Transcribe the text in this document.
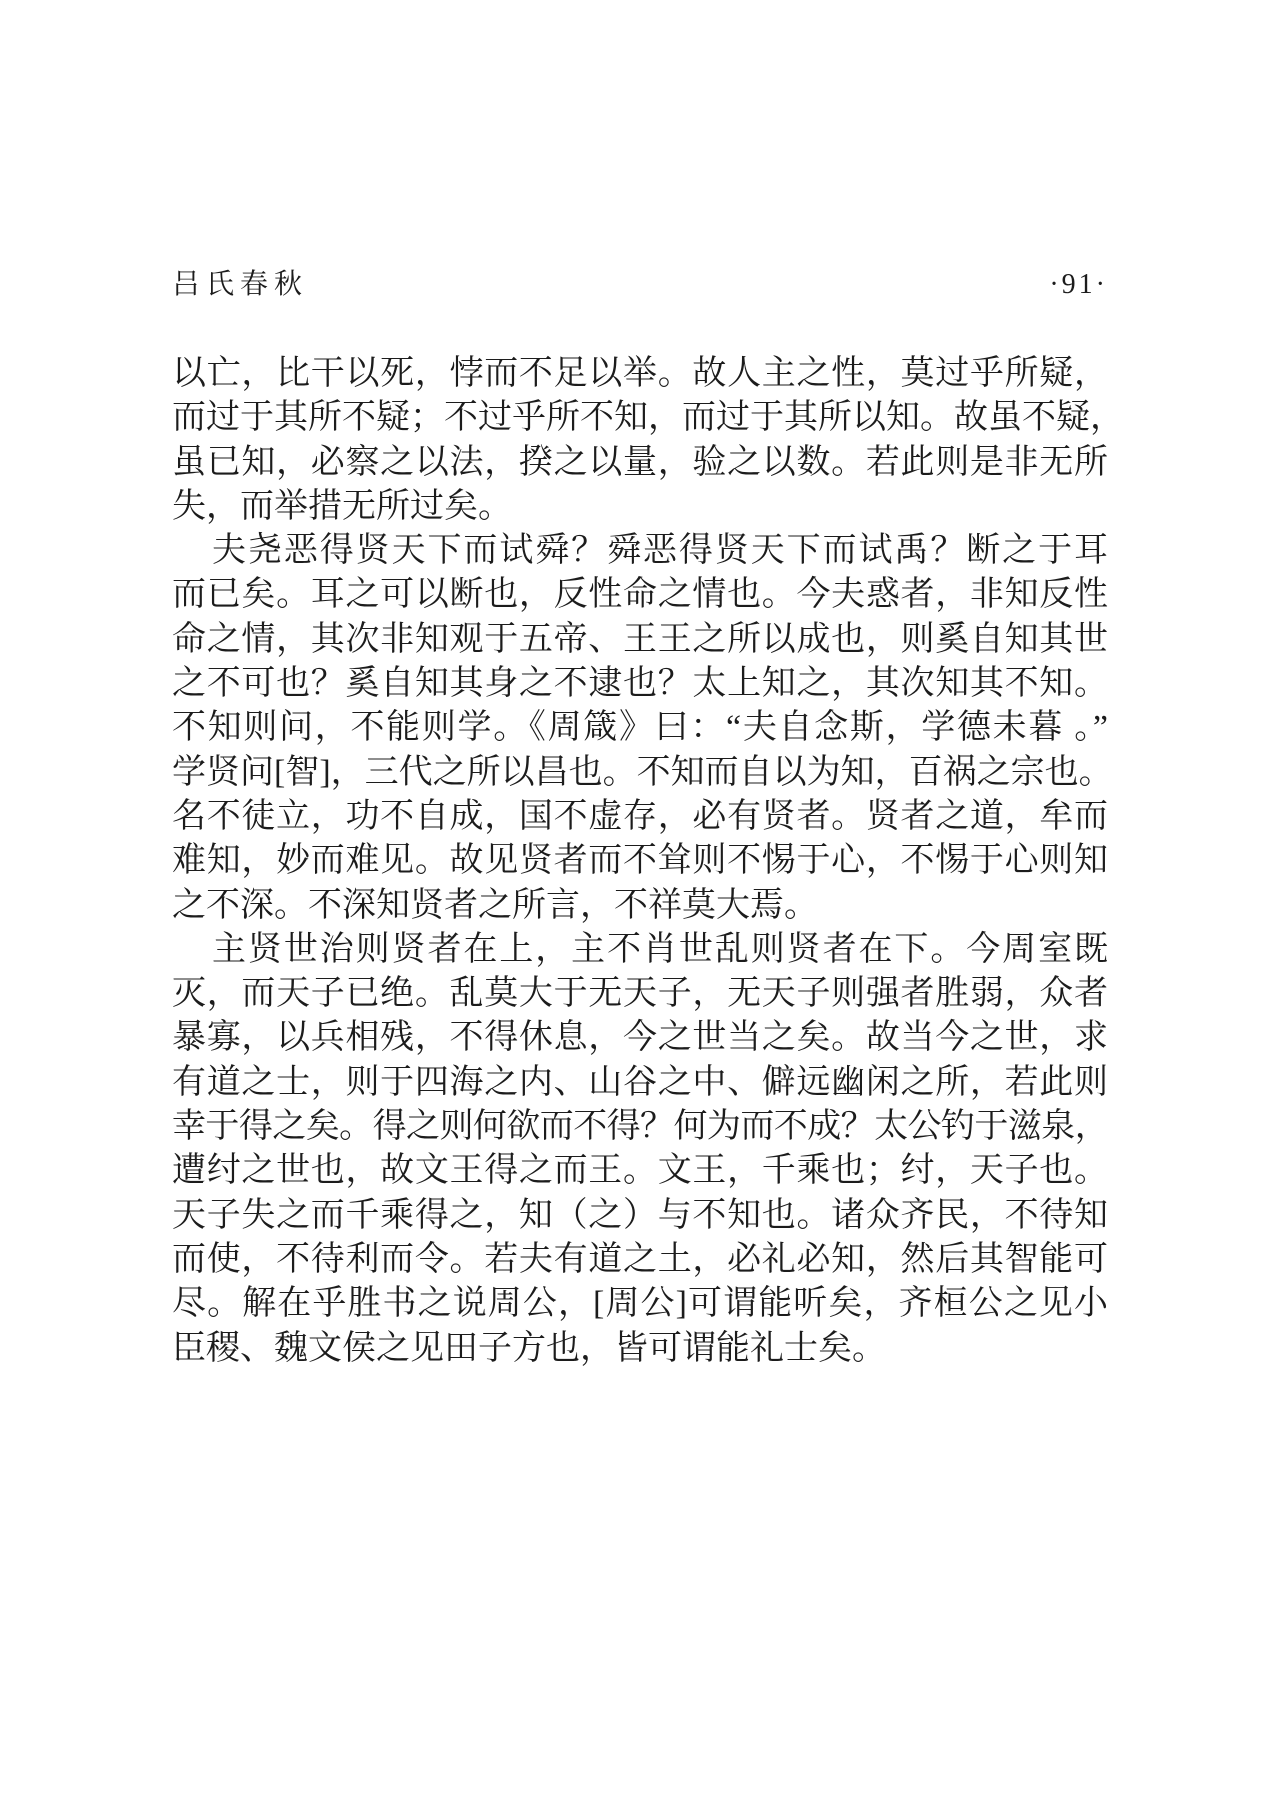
吕氏春秋	·91·
以亡，比干以死，悖而不足以举。故人主之性，莫过乎所疑，
而过于其所不疑；不过乎所不知，而过于其所以知。故虽不疑，
虽已知，必察之以法，揆之以量，验之以数。若此则是非无所
失，而举措无所过矣。
夫尧恶得贤天下而试舜？舜恶得贤天下而试禹？断之于耳
而已矣。耳之可以断也，反性命之情也。今夫惑者，非知反性
命之情，其次非知观于五帝、王王之所以成也，则奚自知其世
之不可也？奚自知其身之不逮也？太上知之，其次知其不知。
不知则问，不能则学。《周箴》曰：“夫自念斯，学德未暮 。”
学贤问[智]，三代之所以昌也。不知而自以为知，百祸之宗也。
名不徒立，功不自成，国不虚存，必有贤者。贤者之道，牟而
难知，妙而难见。故见贤者而不耸则不惕于心，不惕于心则知
之不深。不深知贤者之所言，不祥莫大焉。
主贤世治则贤者在上，主不肖世乱则贤者在下。今周室既
灭，而天子已绝。乱莫大于无天子，无天子则强者胜弱，众者
暴寡，以兵相残，不得休息，今之世当之矣。故当今之世，求
有道之士，则于四海之内、山谷之中、僻远幽闲之所，若此则
幸于得之矣。得之则何欲而不得？何为而不成？太公钓于滋泉，
遭纣之世也，故文王得之而王。文王，千乘也；纣，天子也。
天子失之而千乘得之，知（之）与不知也。诸众齐民，不待知
而使，不待利而令。若夫有道之土，必礼必知，然后其智能可
尽。解在乎胜书之说周公，[周公]可谓能听矣，齐桓公之见小
臣稷、魏文侯之见田子方也，皆可谓能礼士矣。
